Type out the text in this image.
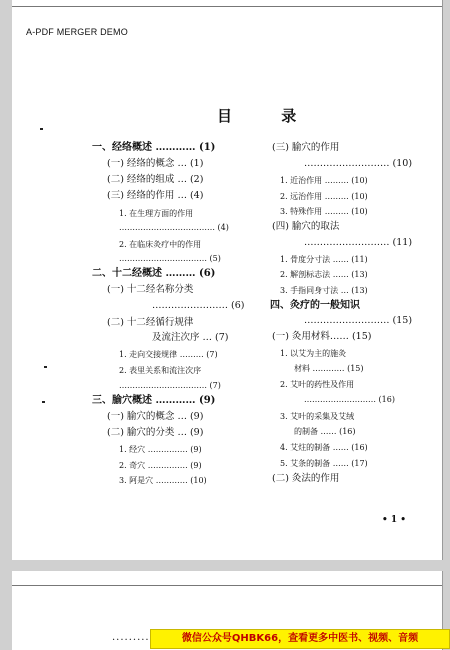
A-PDF MERGER DEMO
目 录
一、经络概述 ………… (1)
(一) 经络的概念 … (1)
(二) 经络的组成 … (2)
(三) 经络的作用 … (4)
1. 在生理方面的作用
……………………………… (4)
2. 在临床灸疗中的作用
…………………………… (5)
二、十二经概述 ……… (6)
(一) 十二经名称分类
…………………… (6)
(二) 十二经循行规律
及流注次序 … (7)
1. 走向交接规律 ……… (7)
2. 表里关系和流注次序
…………………………… (7)
三、腧穴概述 ………… (9)
(一) 腧穴的概念 … (9)
(二) 腧穴的分类 … (9)
1. 经穴 …………… (9)
2. 奇穴 …………… (9)
3. 阿是穴 ………… (10)
(三) 腧穴的作用
……………………… (10)
1. 近治作用 ……… (10)
2. 远治作用 ……… (10)
3. 特殊作用 ……… (10)
(四) 腧穴的取法
……………………… (11)
1. 骨度分寸法 …… (11)
2. 解剖标志法 …… (13)
3. 手指同身寸法 … (13)
四、灸疗的一般知识
……………………… (15)
(一) 灸用材料…… (15)
1. 以艾为主的施灸
材料 ………… (15)
2. 艾叶的药性及作用
……………………… (16)
3. 艾叶的采集及艾绒
的制备 …… (16)
4. 艾炷的制备 …… (16)
5. 艾条的制备 …… (17)
(二) 灸法的作用
• 1 •
.........	微信公众号QHBK66，查看更多中医书、视频、音频
